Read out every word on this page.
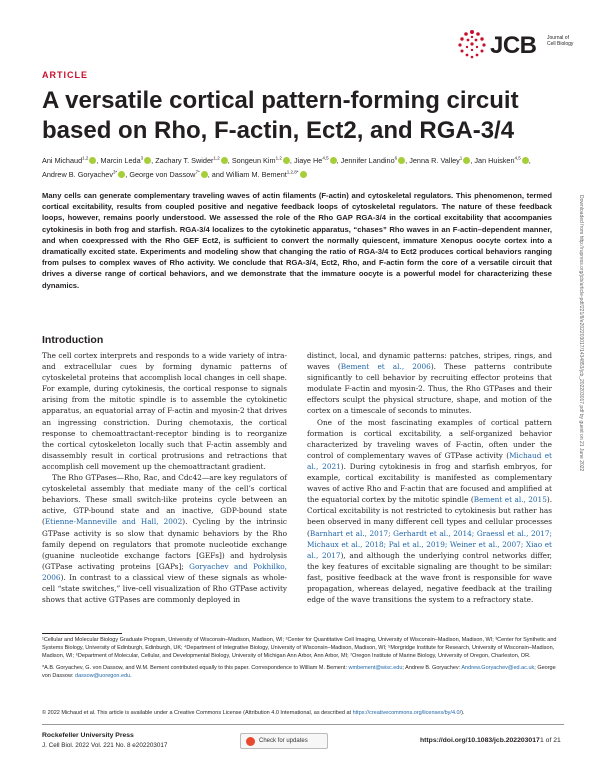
JCB Journal of Cell Biology
ARTICLE
A versatile cortical pattern-forming circuit based on Rho, F-actin, Ect2, and RGA-3/4
Ani Michaud$^{1,2}$ , Marcin Leda$^3$ , Zachary T. Swider$^{1,2}$ , Songeun Kim$^{1,2}$ , Jiaye He$^{4,5}$ , Jennifer Landino$^6$ , Jenna R. Valley$^1$ , Jan Huisken$^{4,5}$ , Andrew B. Goryachev$^{3*}$ , George von Dassow$^{7*}$ , and William M. Bement$^{1,2,8*}$

Many cells can generate complementary traveling waves of actin filaments (F-actin) and cytoskeletal regulators. This phenomenon, termed cortical excitability, results from coupled positive and negative feedback loops of cytoskeletal regulators. The nature of these feedback loops, however, remains poorly understood. We assessed the role of the Rho GAP RGA-3/4 in the cortical excitability that accompanies cytokinesis in both frog and starfish. RGA-3/4 localizes to the cytokinetic apparatus, “chases” Rho waves in an F-actin–dependent manner, and when coexpressed with the Rho GEF Ect2, is sufficient to convert the normally quiescent, immature Xenopus oocyte cortex into a dramatically excited state. Experiments and modeling show that changing the ratio of RGA-3/4 to Ect2 produces cortical behaviors ranging from pulses to complex waves of Rho activity. We conclude that RGA-3/4, Ect2, Rho, and F-actin form the core of a versatile circuit that drives a diverse range of cortical behaviors, and we demonstrate that the immature oocyte is a powerful model for characterizing these dynamics.	Downloaded from http://rupress.org/jcb/article-pdf/221/8/e202203017/1434853/jcb_202203017.pdf by guest on 21 June 2022
Introduction

The cell cortex interprets and responds to a wide variety of intra- and extracellular cues by forming dynamic patterns of cytoskeletal proteins that accomplish local changes in cell shape. For example, during cytokinesis, the cortical response to signals arising from the mitotic spindle is to assemble the cytokinetic apparatus, an equatorial array of F-actin and myosin-2 that drives an ingressing constriction. During chemotaxis, the cortical response to chemoattractant-receptor binding is to reorganize the cortical cytoskeleton locally such that F-actin assembly and disassembly result in cortical protrusions and retractions that accomplish cell movement up the chemoattractant gradient.

The Rho GTPases—Rho, Rac, and Cdc42—are key regulators of cytoskeletal assembly that mediate many of the cell’s cortical behaviors. These small switch-like proteins cycle between an active, GTP-bound state and an inactive, GDP-bound state (Etienne-Manneville and Hall, 2002). Cycling by the intrinsic GTPase activity is so slow that dynamic behaviors by the Rho family depend on regulators that promote nucleotide exchange (guanine nucleotide exchange factors [GEFs]) and hydrolysis (GTPase activating proteins [GAPs]; Goryachev and Pokhilko, 2006). In contrast to a classical view of these signals as whole-cell “state switches,” live-cell visualization of Rho GTPase activity shows that active GTPases are commonly deployed in

distinct, local, and dynamic patterns: patches, stripes, rings, and waves (Bement et al., 2006). These patterns contribute significantly to cell behavior by recruiting effector proteins that modulate F-actin and myosin-2. Thus, the Rho GTPases and their effectors sculpt the physical structure, shape, and motion of the cortex on a timescale of seconds to minutes.

One of the most fascinating examples of cortical pattern formation is cortical excitability, a self-organized behavior characterized by traveling waves of F-actin, often under the control of complementary waves of GTPase activity (Michaud et al., 2021). During cytokinesis in frog and starfish embryos, for example, cortical excitability is manifested as complementary waves of active Rho and F-actin that are focused and amplified at the equatorial cortex by the mitotic spindle (Bement et al., 2015). Cortical excitability is not restricted to cytokinesis but rather has been observed in many different cell types and cellular processes (Barnhart et al., 2017; Gerhardt et al., 2014; Graessl et al., 2017; Michaux et al., 2018; Pal et al., 2019; Weiner et al., 2007; Xiao et al., 2017), and although the underlying control networks differ, the key features of excitable signaling are thought to be similar: fast, positive feedback at the wave front is responsible for wave propagation, whereas delayed, negative feedback at the trailing edge of the wave transitions the system to a refractory state.

¹Cellular and Molecular Biology Graduate Program, University of Wisconsin–Madison, Madison, WI; ²Center for Quantitative Cell Imaging, University of Wisconsin–Madison, Madison, WI; ³Center for Synthetic and Systems Biology, University of Edinburgh, Edinburgh, UK; ⁴Department of Integrative Biology, University of Wisconsin–Madison, Madison, WI; ⁵Morgridge Institute for Research, University of Wisconsin–Madison, Madison, WI; ⁶Department of Molecular, Cellular, and Developmental Biology, University of Michigan Ann Arbor, Ann Arbor, MI; ⁷Oregon Institute of Marine Biology, University of Oregon, Charleston, OR.

*A.B. Goryachev, G. von Dassow, and W.M. Bement contributed equally to this paper. Correspondence to William M. Bement: wmbement@wisc.edu; Andrew B. Goryachev: Andrew.Goryachev@ed.ac.uk; George von Dassow: dassow@uoregon.edu.

© 2022 Michaud et al. This article is available under a Creative Commons License (Attribution 4.0 International, as described at https://creativecommons.org/licenses/by/4.0/).
Rockefeller University Press
J. Cell Biol. 2022 Vol. 221 No. 8 e202203017
Check for updates	https://doi.org/10.1083/jcb.202203017 1 of 21
